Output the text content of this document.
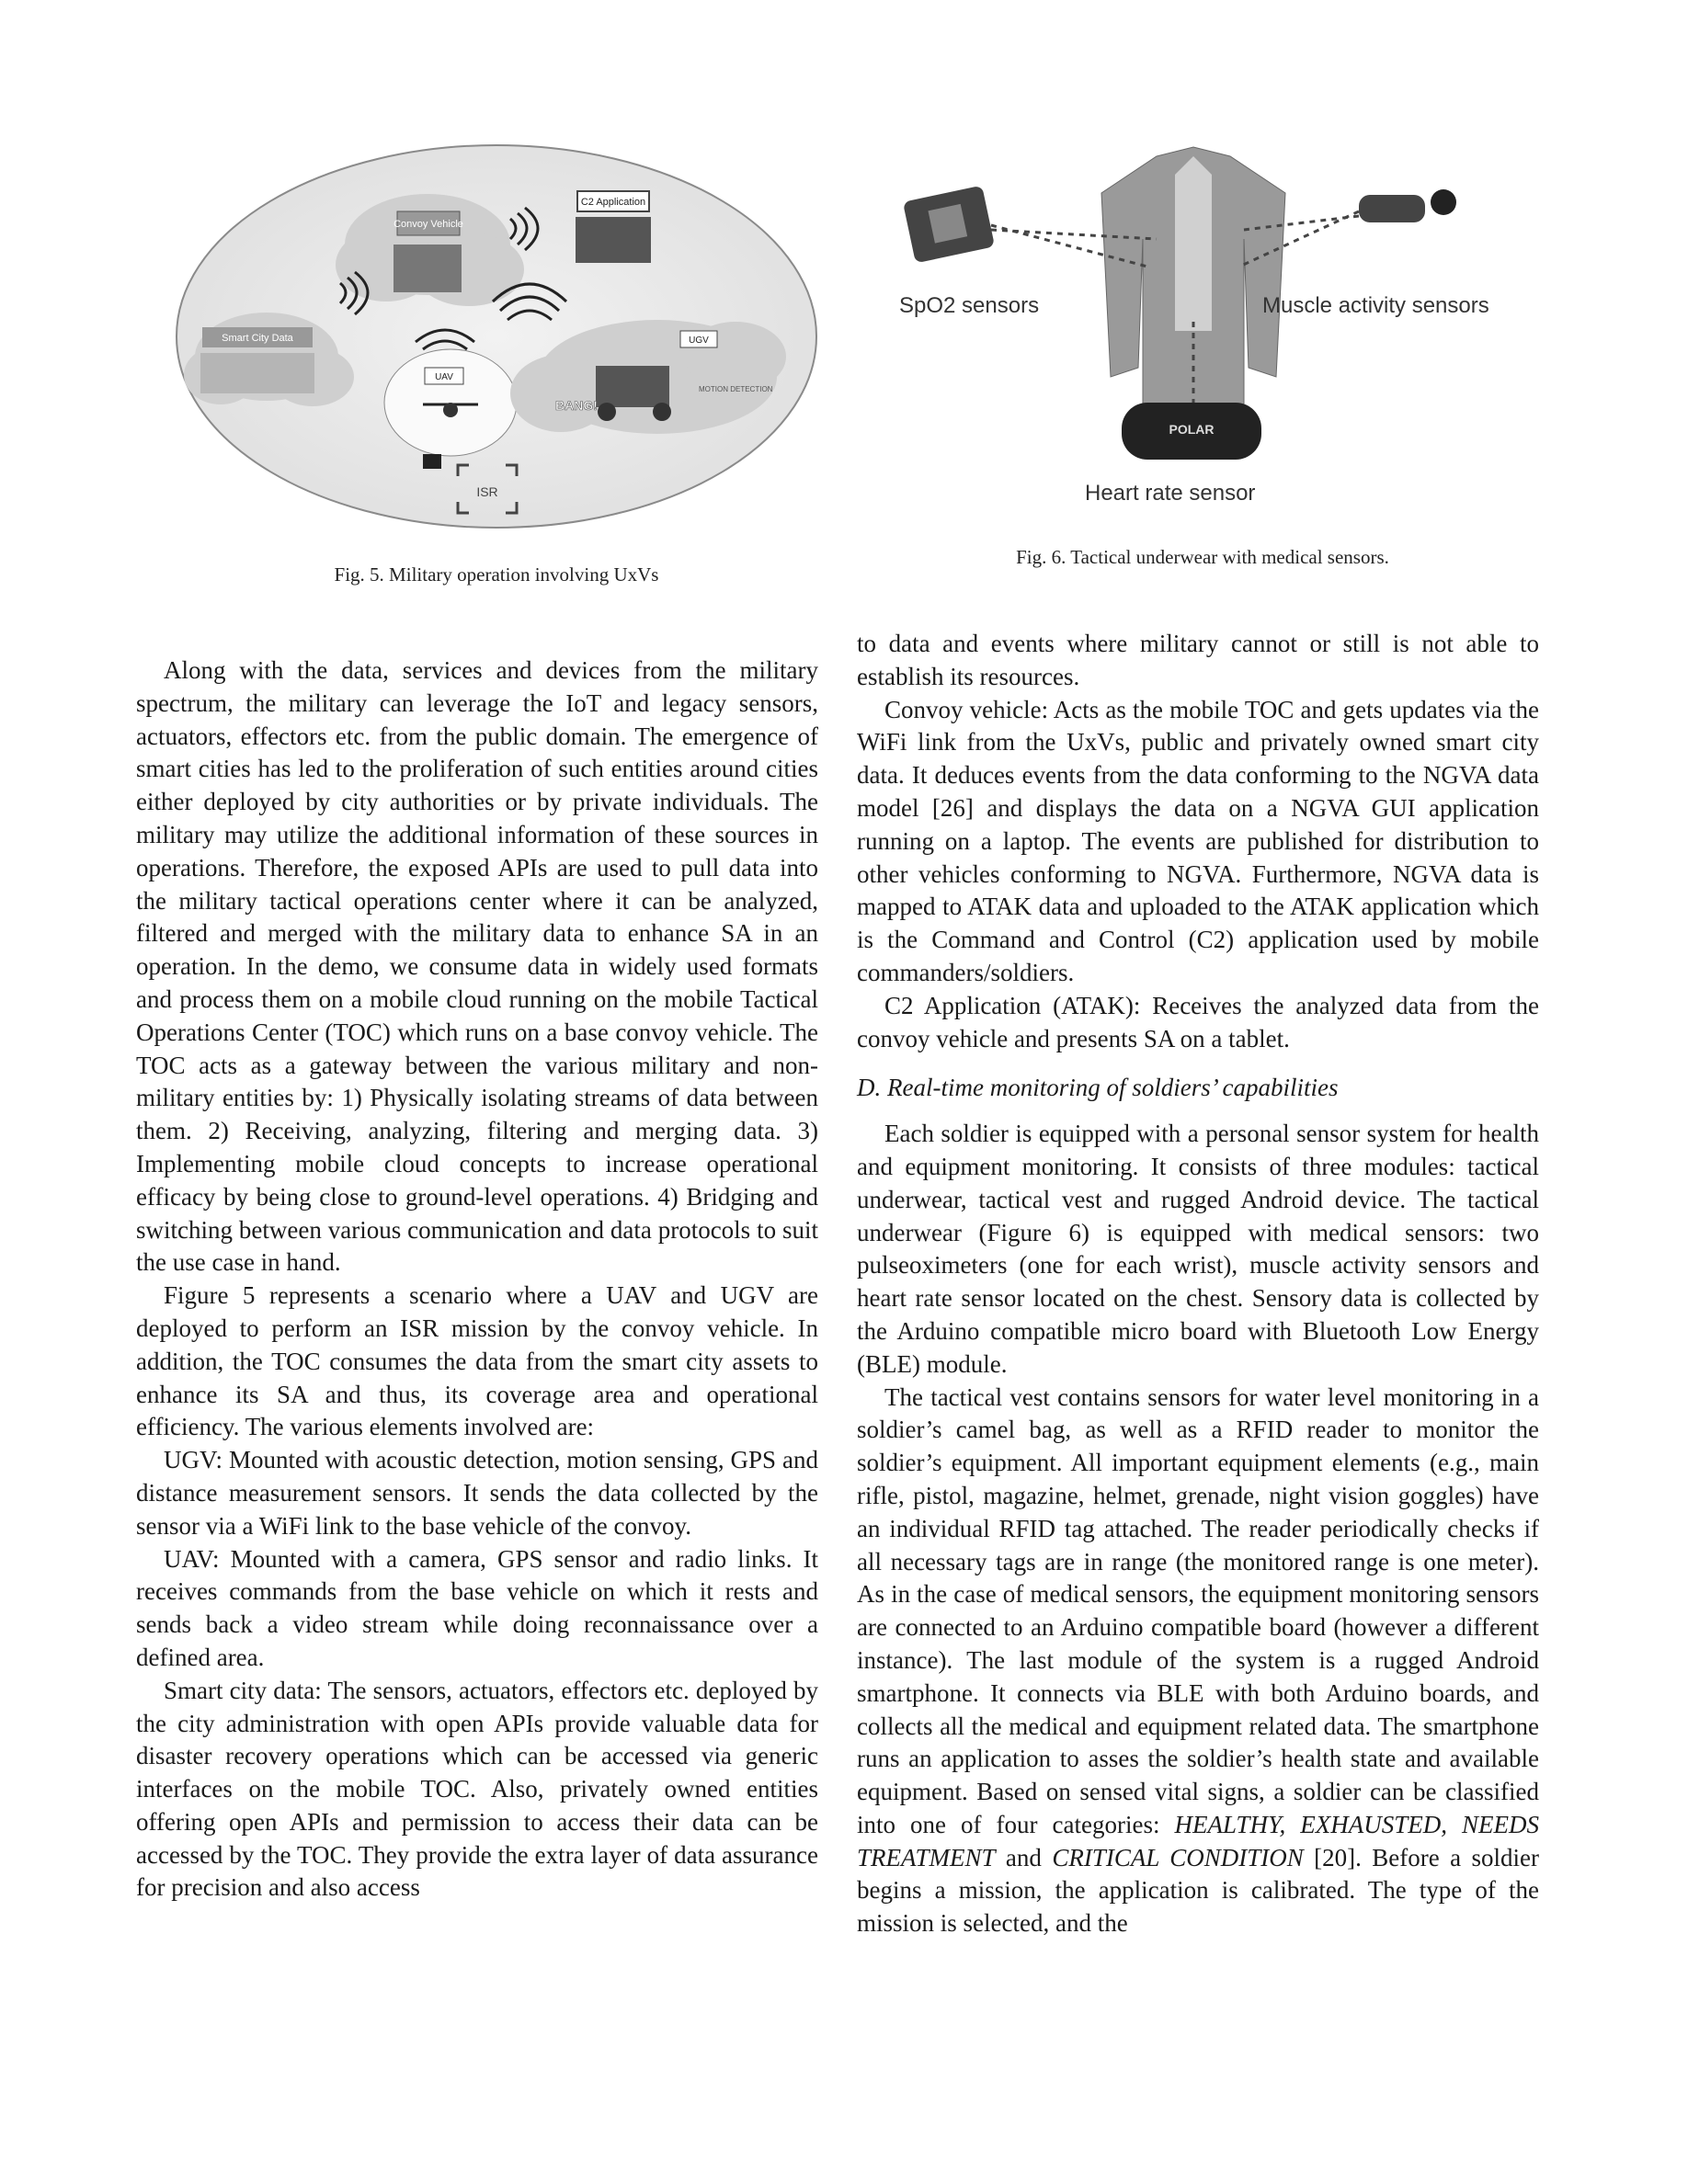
Convoy Vehicle
C2 Application
Smart City Data
UAV
UGV
BANG!
MOTION DETECTION
ISR
Fig. 5. Military operation involving UxVs
SpO2 sensors	Muscle activity sensors
POLAR
Heart rate sensor
Fig. 6. Tactical underwear with medical sensors.

Along with the data, services and devices from the military spectrum, the military can leverage the IoT and legacy sensors, actuators, effectors etc. from the public domain. The emergence of smart cities has led to the proliferation of such entities around cities either deployed by city authorities or by private individuals. The military may utilize the additional information of these sources in operations. Therefore, the exposed APIs are used to pull data into the military tactical operations center where it can be analyzed, filtered and merged with the military data to enhance SA in an operation. In the demo, we consume data in widely used formats and process them on a mobile cloud running on the mobile Tactical Operations Center (TOC) which runs on a base convoy vehicle. The TOC acts as a gateway between the various military and non-military entities by: 1) Physically isolating streams of data between them. 2) Receiving, analyzing, filtering and merging data. 3) Implementing mobile cloud concepts to increase operational efficacy by being close to ground-level operations. 4) Bridging and switching between various communication and data protocols to suit the use case in hand.

Figure 5 represents a scenario where a UAV and UGV are deployed to perform an ISR mission by the convoy vehicle. In addition, the TOC consumes the data from the smart city assets to enhance its SA and thus, its coverage area and operational efficiency. The various elements involved are:

UGV: Mounted with acoustic detection, motion sensing, GPS and distance measurement sensors. It sends the data collected by the sensor via a WiFi link to the base vehicle of the convoy.

UAV: Mounted with a camera, GPS sensor and radio links. It receives commands from the base vehicle on which it rests and sends back a video stream while doing reconnaissance over a defined area.

Smart city data: The sensors, actuators, effectors etc. deployed by the city administration with open APIs provide valuable data for disaster recovery operations which can be accessed via generic interfaces on the mobile TOC. Also, privately owned entities offering open APIs and permission to access their data can be accessed by the TOC. They provide the extra layer of data assurance for precision and also access

to data and events where military cannot or still is not able to establish its resources.

Convoy vehicle: Acts as the mobile TOC and gets updates via the WiFi link from the UxVs, public and privately owned smart city data. It deduces events from the data conforming to the NGVA data model [26] and displays the data on a NGVA GUI application running on a laptop. The events are published for distribution to other vehicles conforming to NGVA. Furthermore, NGVA data is mapped to ATAK data and uploaded to the ATAK application which is the Command and Control (C2) application used by mobile commanders/soldiers.

C2 Application (ATAK): Receives the analyzed data from the convoy vehicle and presents SA on a tablet.

D. Real-time monitoring of soldiers’ capabilities

Each soldier is equipped with a personal sensor system for health and equipment monitoring. It consists of three modules: tactical underwear, tactical vest and rugged Android device. The tactical underwear (Figure 6) is equipped with medical sensors: two pulseoximeters (one for each wrist), muscle activity sensors and heart rate sensor located on the chest. Sensory data is collected by the Arduino compatible micro board with Bluetooth Low Energy (BLE) module.

The tactical vest contains sensors for water level monitoring in a soldier’s camel bag, as well as a RFID reader to monitor the soldier’s equipment. All important equipment elements (e.g., main rifle, pistol, magazine, helmet, grenade, night vision goggles) have an individual RFID tag attached. The reader periodically checks if all necessary tags are in range (the monitored range is one meter). As in the case of medical sensors, the equipment monitoring sensors are connected to an Arduino compatible board (however a different instance). The last module of the system is a rugged Android smartphone. It connects via BLE with both Arduino boards, and collects all the medical and equipment related data. The smartphone runs an application to asses the soldier’s health state and available equipment. Based on sensed vital signs, a soldier can be classified into one of four categories: HEALTHY, EXHAUSTED, NEEDS TREATMENT and CRITICAL CONDITION [20]. Before a soldier begins a mission, the application is calibrated. The type of the mission is selected, and the
